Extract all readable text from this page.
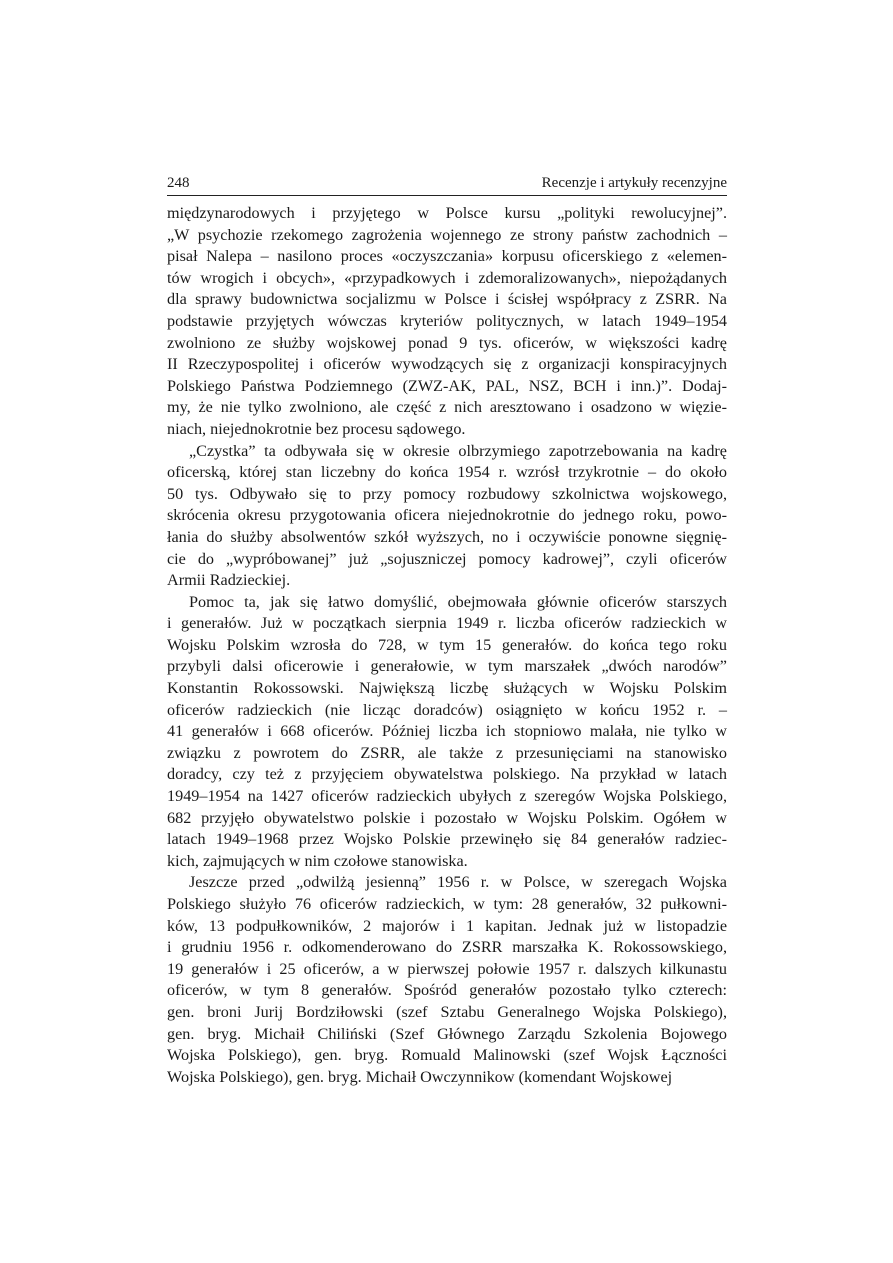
248	Recenzje i artykuły recenzyjne
międzynarodowych i przyjętego w Polsce kursu „polityki rewolucyjnej”.
„W psychozie rzekomego zagrożenia wojennego ze strony państw zachodnich –
pisał Nalepa – nasilono proces «oczyszczania» korpusu oficerskiego z «elemen-
tów wrogich i obcych», «przypadkowych i zdemoralizowanych», niepożądanych
dla sprawy budownictwa socjalizmu w Polsce i ścisłej współpracy z ZSRR. Na
podstawie przyjętych wówczas kryteriów politycznych, w latach 1949–1954
zwolniono ze służby wojskowej ponad 9 tys. oficerów, w większości kadrę
II Rzeczypospolitej i oficerów wywodzących się z organizacji konspiracyjnych
Polskiego Państwa Podziemnego (ZWZ-AK, PAL, NSZ, BCH i inn.)”. Dodaj-
my, że nie tylko zwolniono, ale część z nich aresztowano i osadzono w więzie-
niach, niejednokrotnie bez procesu sądowego.
„Czystka” ta odbywała się w okresie olbrzymiego zapotrzebowania na kadrę
oficerską, której stan liczebny do końca 1954 r. wzrósł trzykrotnie – do około
50 tys. Odbywało się to przy pomocy rozbudowy szkolnictwa wojskowego,
skrócenia okresu przygotowania oficera niejednokrotnie do jednego roku, powo-
łania do służby absolwentów szkół wyższych, no i oczywiście ponowne sięgnię-
cie do „wypróbowanej” już „sojuszniczej pomocy kadrowej”, czyli oficerów
Armii Radzieckiej.
Pomoc ta, jak się łatwo domyślić, obejmowała głównie oficerów starszych
i generałów. Już w początkach sierpnia 1949 r. liczba oficerów radzieckich w
Wojsku Polskim wzrosła do 728, w tym 15 generałów. do końca tego roku
przybyli dalsi oficerowie i generałowie, w tym marszałek „dwóch narodów”
Konstantin Rokossowski. Największą liczbę służących w Wojsku Polskim
oficerów radzieckich (nie licząc doradców) osiągnięto w końcu 1952 r. –
41 generałów i 668 oficerów. Później liczba ich stopniowo malała, nie tylko w
związku z powrotem do ZSRR, ale także z przesunięciami na stanowisko
doradcy, czy też z przyjęciem obywatelstwa polskiego. Na przykład w latach
1949–1954 na 1427 oficerów radzieckich ubyłych z szeregów Wojska Polskiego,
682 przyjęło obywatelstwo polskie i pozostało w Wojsku Polskim. Ogółem w
latach 1949–1968 przez Wojsko Polskie przewinęło się 84 generałów radziec-
kich, zajmujących w nim czołowe stanowiska.
Jeszcze przed „odwilżą jesienną” 1956 r. w Polsce, w szeregach Wojska
Polskiego służyło 76 oficerów radzieckich, w tym: 28 generałów, 32 pułkowni-
ków, 13 podpułkowników, 2 majorów i 1 kapitan. Jednak już w listopadzie
i grudniu 1956 r. odkomenderowano do ZSRR marszałka K. Rokossowskiego,
19 generałów i 25 oficerów, a w pierwszej połowie 1957 r. dalszych kilkunastu
oficerów, w tym 8 generałów. Spośród generałów pozostało tylko czterech:
gen. broni Jurij Bordziłowski (szef Sztabu Generalnego Wojska Polskiego),
gen. bryg. Michaił Chiliński (Szef Głównego Zarządu Szkolenia Bojowego
Wojska Polskiego), gen. bryg. Romuald Malinowski (szef Wojsk Łączności
Wojska Polskiego), gen. bryg. Michaił Owczynnikow (komendant Wojskowej
